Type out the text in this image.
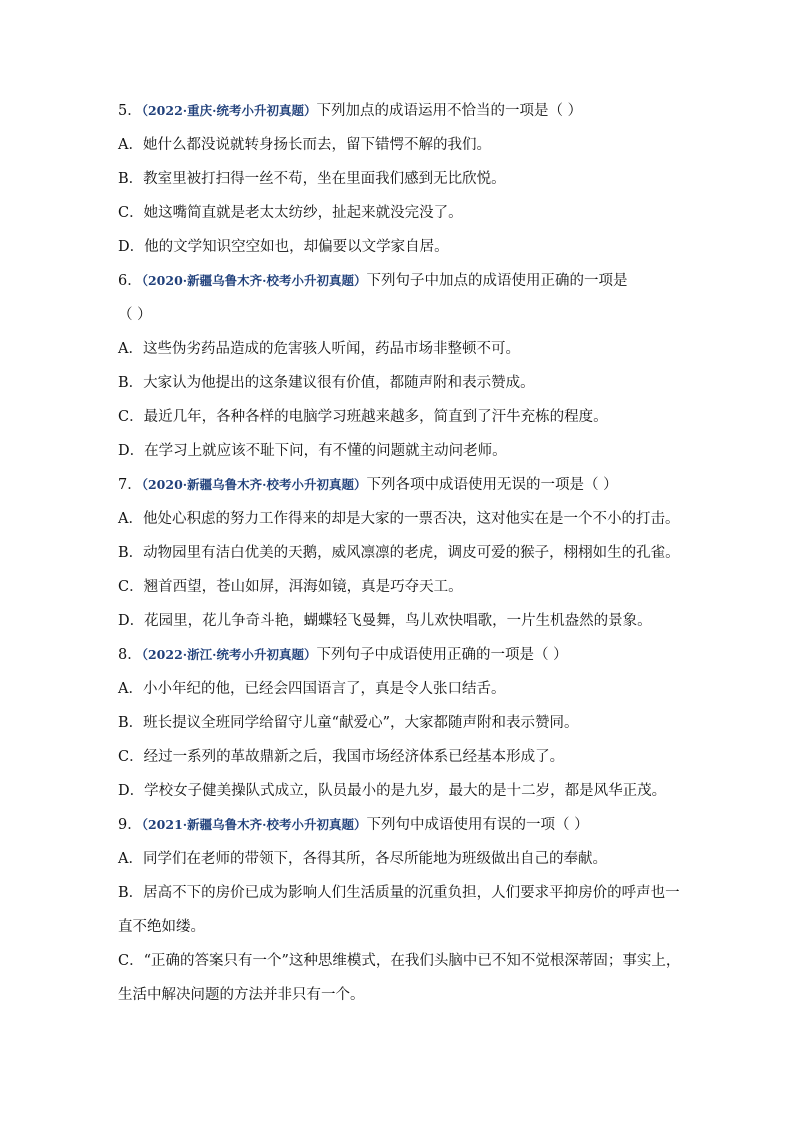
5．（2022·重庆·统考小升初真题）下列加点的成语运用不恰当的一项是（ ）
A．她什么都没说就转身扬长而去，留下错愕不解的我们。
B．教室里被打扫得一丝不苟，坐在里面我们感到无比欣悦。
C．她这嘴简直就是老太太纺纱，扯起来就没完没了。
D．他的文学知识空空如也，却偏要以文学家自居。
6．（2020·新疆乌鲁木齐·校考小升初真题）下列句子中加点的成语使用正确的一项是
（ ）
A．这些伪劣药品造成的危害骇人听闻，药品市场非整顿不可。
B．大家认为他提出的这条建议很有价值，都随声附和表示赞成。
C．最近几年，各种各样的电脑学习班越来越多，简直到了汗牛充栋的程度。
D．在学习上就应该不耻下问，有不懂的问题就主动问老师。
7．（2020·新疆乌鲁木齐·校考小升初真题）下列各项中成语使用无误的一项是（ ）
A．他处心积虑的努力工作得来的却是大家的一票否决，这对他实在是一个不小的打击。
B．动物园里有洁白优美的天鹅，威风凛凛的老虎，调皮可爱的猴子，栩栩如生的孔雀。
C．翘首西望，苍山如屏，洱海如镜，真是巧夺天工。
D．花园里，花儿争奇斗艳，蝴蝶轻飞曼舞，鸟儿欢快唱歌，一片生机盎然的景象。
8．（2022·浙江·统考小升初真题）下列句子中成语使用正确的一项是（ ）
A．小小年纪的他，已经会四国语言了，真是令人张口结舌。
B．班长提议全班同学给留守儿童“献爱心”，大家都随声附和表示赞同。
C．经过一系列的革故鼎新之后，我国市场经济体系已经基本形成了。
D．学校女子健美操队式成立，队员最小的是九岁，最大的是十二岁，都是风华正茂。
9．（2021·新疆乌鲁木齐·校考小升初真题）下列句中成语使用有误的一项（ ）
A．同学们在老师的带领下，各得其所，各尽所能地为班级做出自己的奉献。
B．居高不下的房价已成为影响人们生活质量的沉重负担，人们要求平抑房价的呼声也一
直不绝如缕。
C．“正确的答案只有一个”这种思维模式，在我们头脑中已不知不觉根深蒂固；事实上，
生活中解决问题的方法并非只有一个。
